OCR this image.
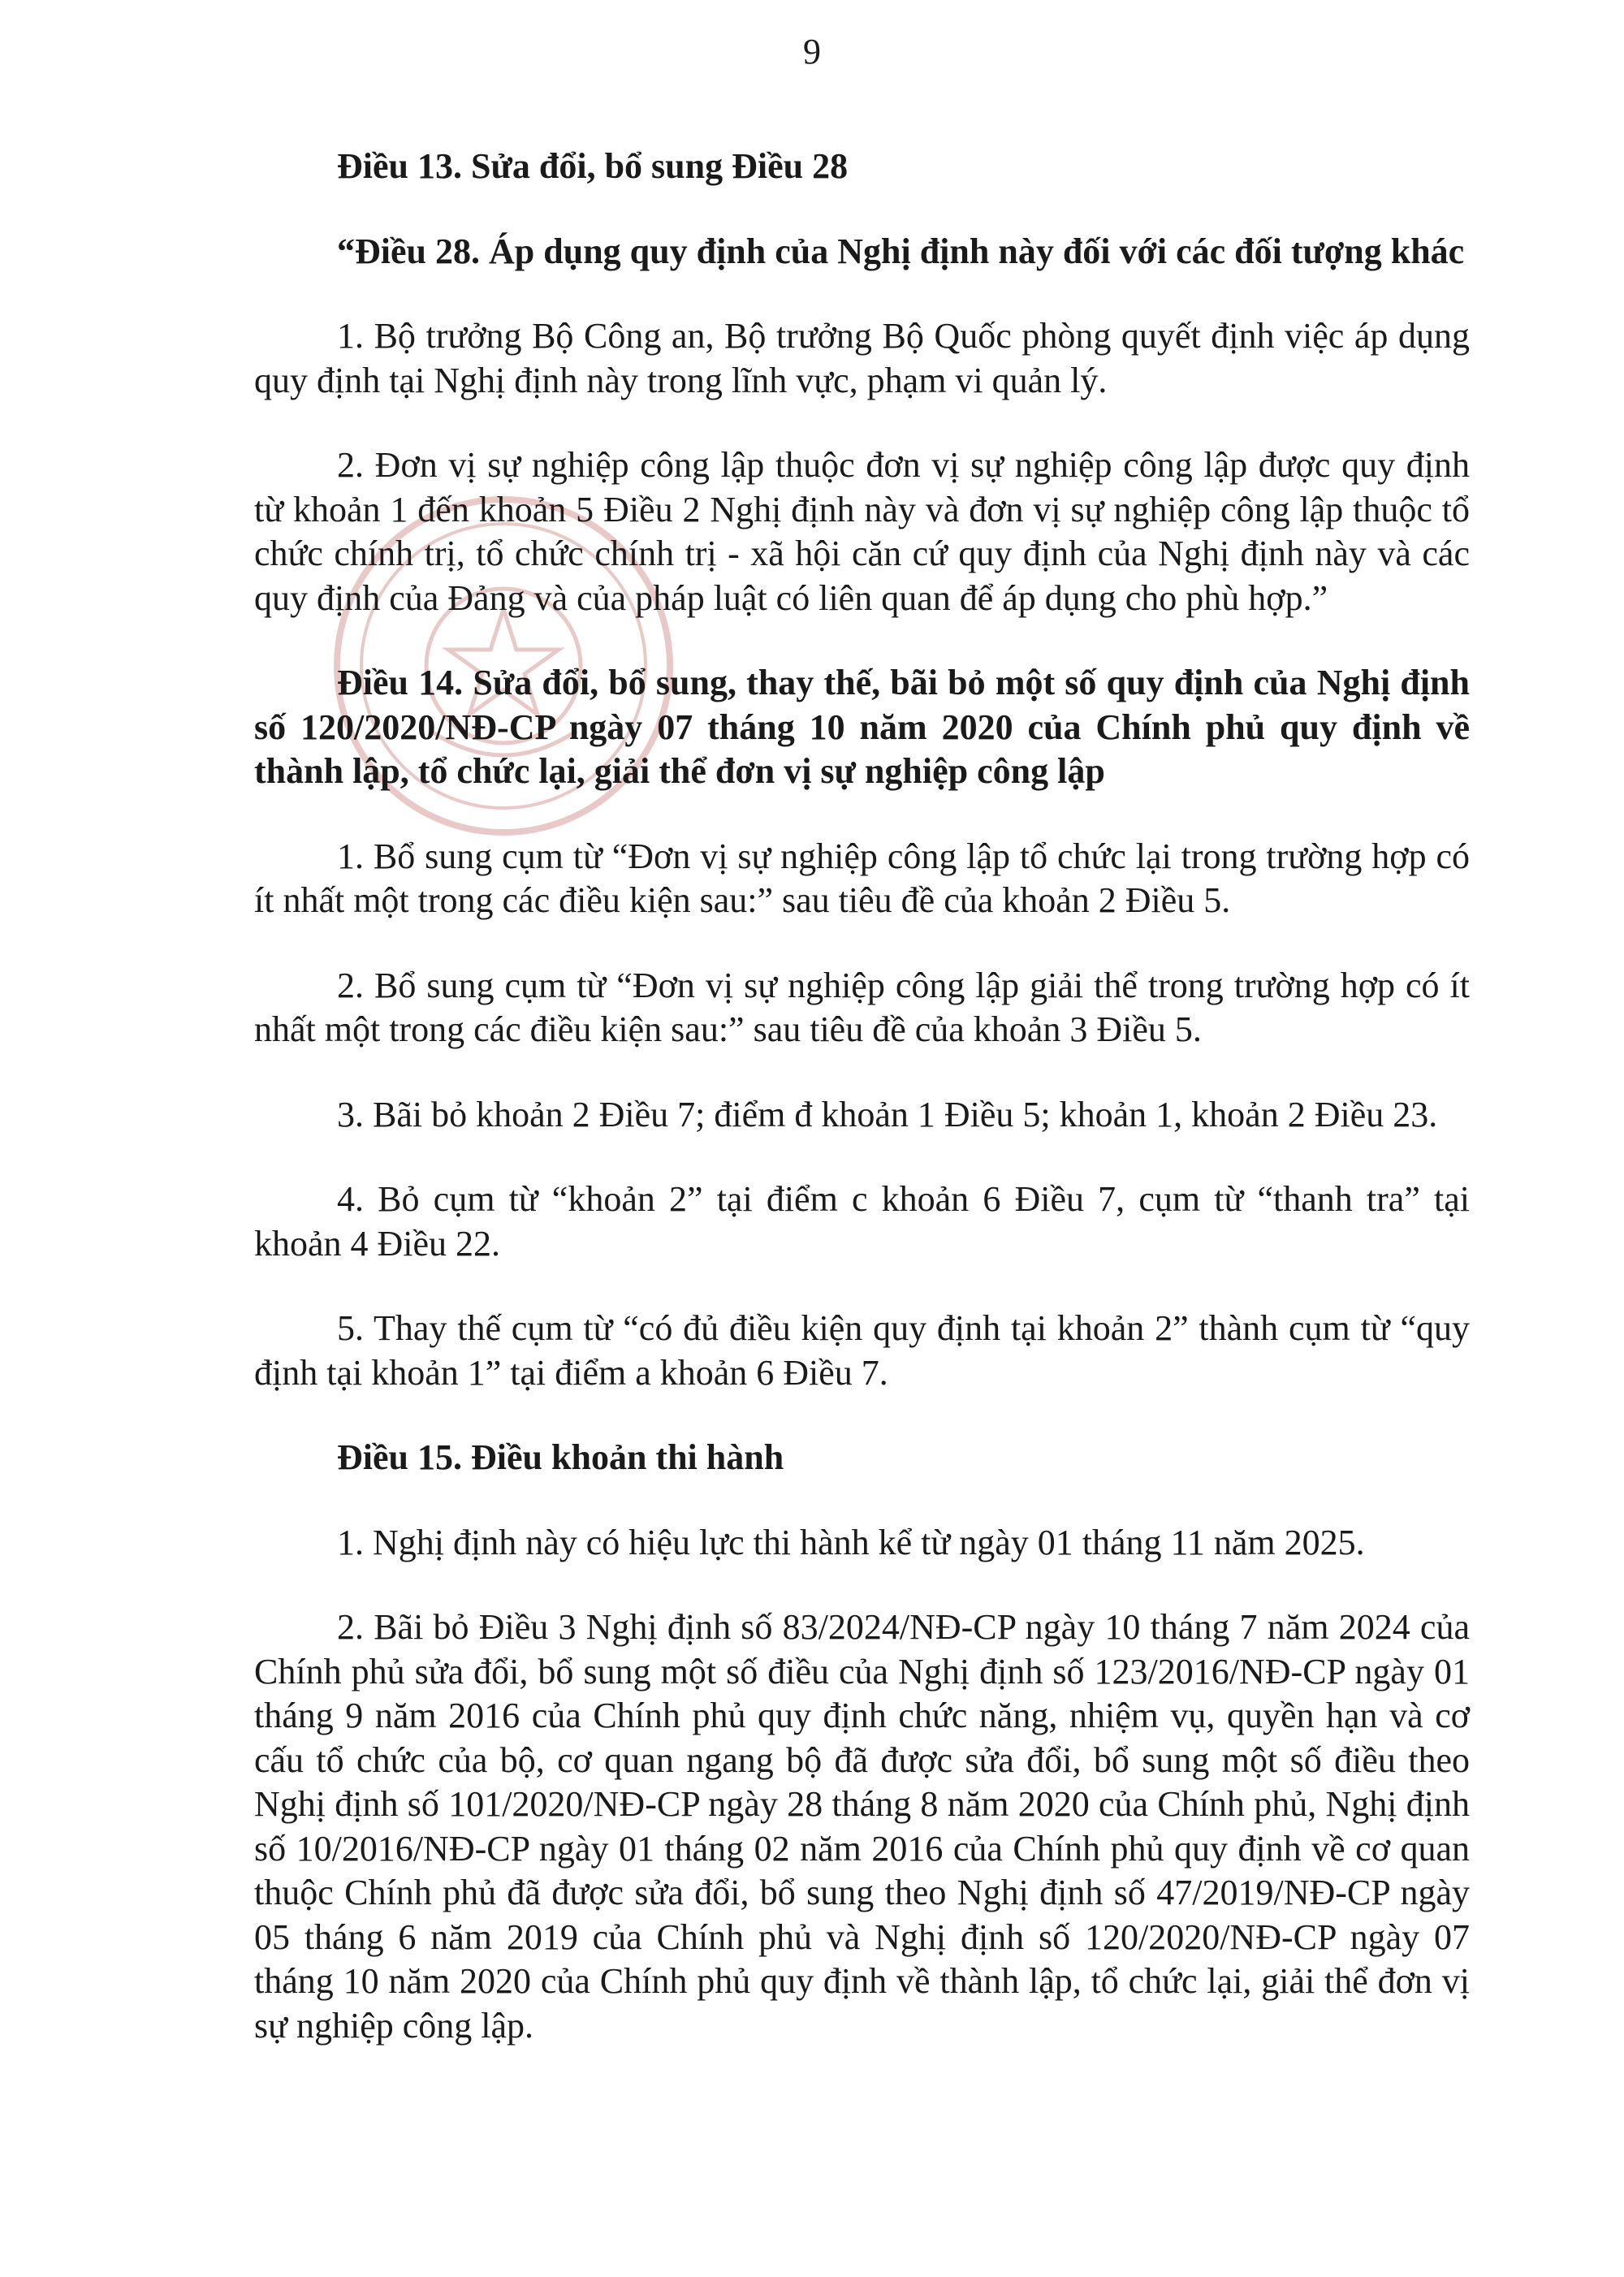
9

Điều 13. Sửa đổi, bổ sung Điều 28

“Điều 28. Áp dụng quy định của Nghị định này đối với các đối tượng khác

1. Bộ trưởng Bộ Công an, Bộ trưởng Bộ Quốc phòng quyết định việc áp dụng quy định tại Nghị định này trong lĩnh vực, phạm vi quản lý.

2. Đơn vị sự nghiệp công lập thuộc đơn vị sự nghiệp công lập được quy định từ khoản 1 đến khoản 5 Điều 2 Nghị định này và đơn vị sự nghiệp công lập thuộc tổ chức chính trị, tổ chức chính trị - xã hội căn cứ quy định của Nghị định này và các quy định của Đảng và của pháp luật có liên quan để áp dụng cho phù hợp.”

Điều 14. Sửa đổi, bổ sung, thay thế, bãi bỏ một số quy định của Nghị định số 120/2020/NĐ-CP ngày 07 tháng 10 năm 2020 của Chính phủ quy định về thành lập, tổ chức lại, giải thể đơn vị sự nghiệp công lập

1. Bổ sung cụm từ “Đơn vị sự nghiệp công lập tổ chức lại trong trường hợp có ít nhất một trong các điều kiện sau:” sau tiêu đề của khoản 2 Điều 5.

2. Bổ sung cụm từ “Đơn vị sự nghiệp công lập giải thể trong trường hợp có ít nhất một trong các điều kiện sau:” sau tiêu đề của khoản 3 Điều 5.

3. Bãi bỏ khoản 2 Điều 7; điểm đ khoản 1 Điều 5; khoản 1, khoản 2 Điều 23.

4. Bỏ cụm từ “khoản 2” tại điểm c khoản 6 Điều 7, cụm từ “thanh tra” tại khoản 4 Điều 22.

5. Thay thế cụm từ “có đủ điều kiện quy định tại khoản 2” thành cụm từ “quy định tại khoản 1” tại điểm a khoản 6 Điều 7.

Điều 15. Điều khoản thi hành

1. Nghị định này có hiệu lực thi hành kể từ ngày 01 tháng 11 năm 2025.

2. Bãi bỏ Điều 3 Nghị định số 83/2024/NĐ-CP ngày 10 tháng 7 năm 2024 của Chính phủ sửa đổi, bổ sung một số điều của Nghị định số 123/2016/NĐ-CP ngày 01 tháng 9 năm 2016 của Chính phủ quy định chức năng, nhiệm vụ, quyền hạn và cơ cấu tổ chức của bộ, cơ quan ngang bộ đã được sửa đổi, bổ sung một số điều theo Nghị định số 101/2020/NĐ-CP ngày 28 tháng 8 năm 2020 của Chính phủ, Nghị định số 10/2016/NĐ-CP ngày 01 tháng 02 năm 2016 của Chính phủ quy định về cơ quan thuộc Chính phủ đã được sửa đổi, bổ sung theo Nghị định số 47/2019/NĐ-CP ngày 05 tháng 6 năm 2019 của Chính phủ và Nghị định số 120/2020/NĐ-CP ngày 07 tháng 10 năm 2020 của Chính phủ quy định về thành lập, tổ chức lại, giải thể đơn vị sự nghiệp công lập.
